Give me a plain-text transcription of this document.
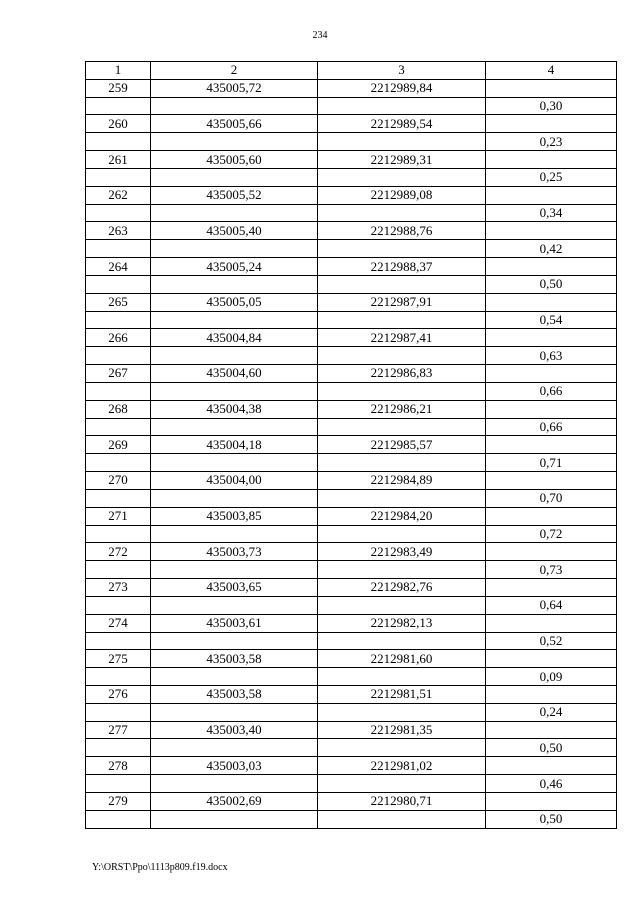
234
1	2	3	4
259	435005,72	2212989,84	
			0,30
260	435005,66	2212989,54	
			0,23
261	435005,60	2212989,31	
			0,25
262	435005,52	2212989,08	
			0,34
263	435005,40	2212988,76	
			0,42
264	435005,24	2212988,37	
			0,50
265	435005,05	2212987,91	
			0,54
266	435004,84	2212987,41	
			0,63
267	435004,60	2212986,83	
			0,66
268	435004,38	2212986,21	
			0,66
269	435004,18	2212985,57	
			0,71
270	435004,00	2212984,89	
			0,70
271	435003,85	2212984,20	
			0,72
272	435003,73	2212983,49	
			0,73
273	435003,65	2212982,76	
			0,64
274	435003,61	2212982,13	
			0,52
275	435003,58	2212981,60	
			0,09
276	435003,58	2212981,51	
			0,24
277	435003,40	2212981,35	
			0,50
278	435003,03	2212981,02	
			0,46
279	435002,69	2212980,71	
			0,50
Y:\ORST\Ppo\1113p809.f19.docx
